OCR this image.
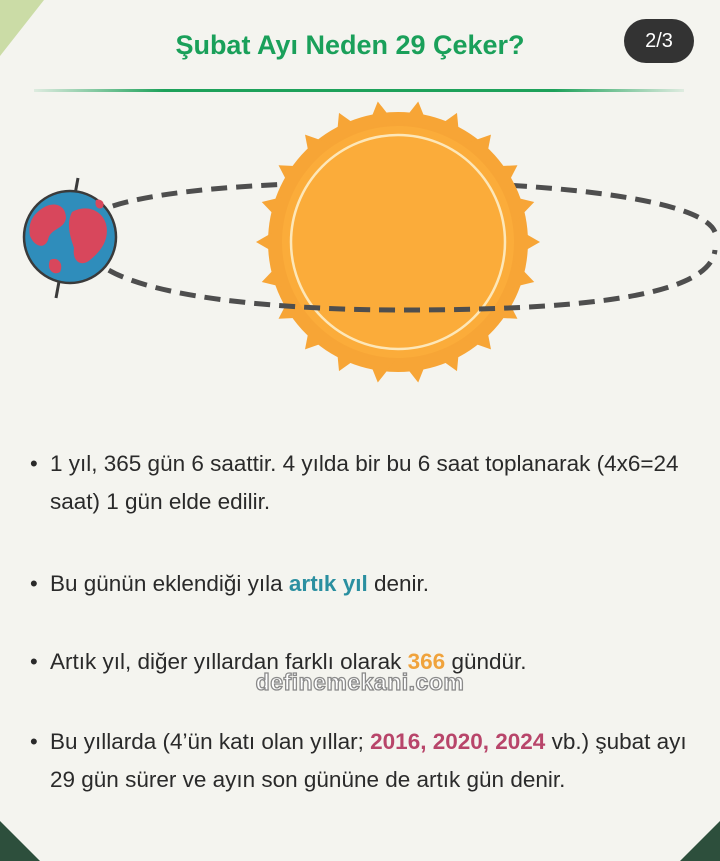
Şubat Ayı Neden 29 Çeker?	2/3
• 1 yıl, 365 gün 6 saattir. 4 yılda bir bu 6 saat toplanarak (4x6=24 saat) 1 gün elde edilir.
• Bu günün eklendiği yıla artık yıl denir.
• Artık yıl, diğer yıllardan farklı olarak 366 gündür.
• Bu yıllarda (4’ün katı olan yıllar; 2016, 2020, 2024 vb.) şubat ayı 29 gün sürer ve ayın son gününe de artık gün denir.
definemekani.com
